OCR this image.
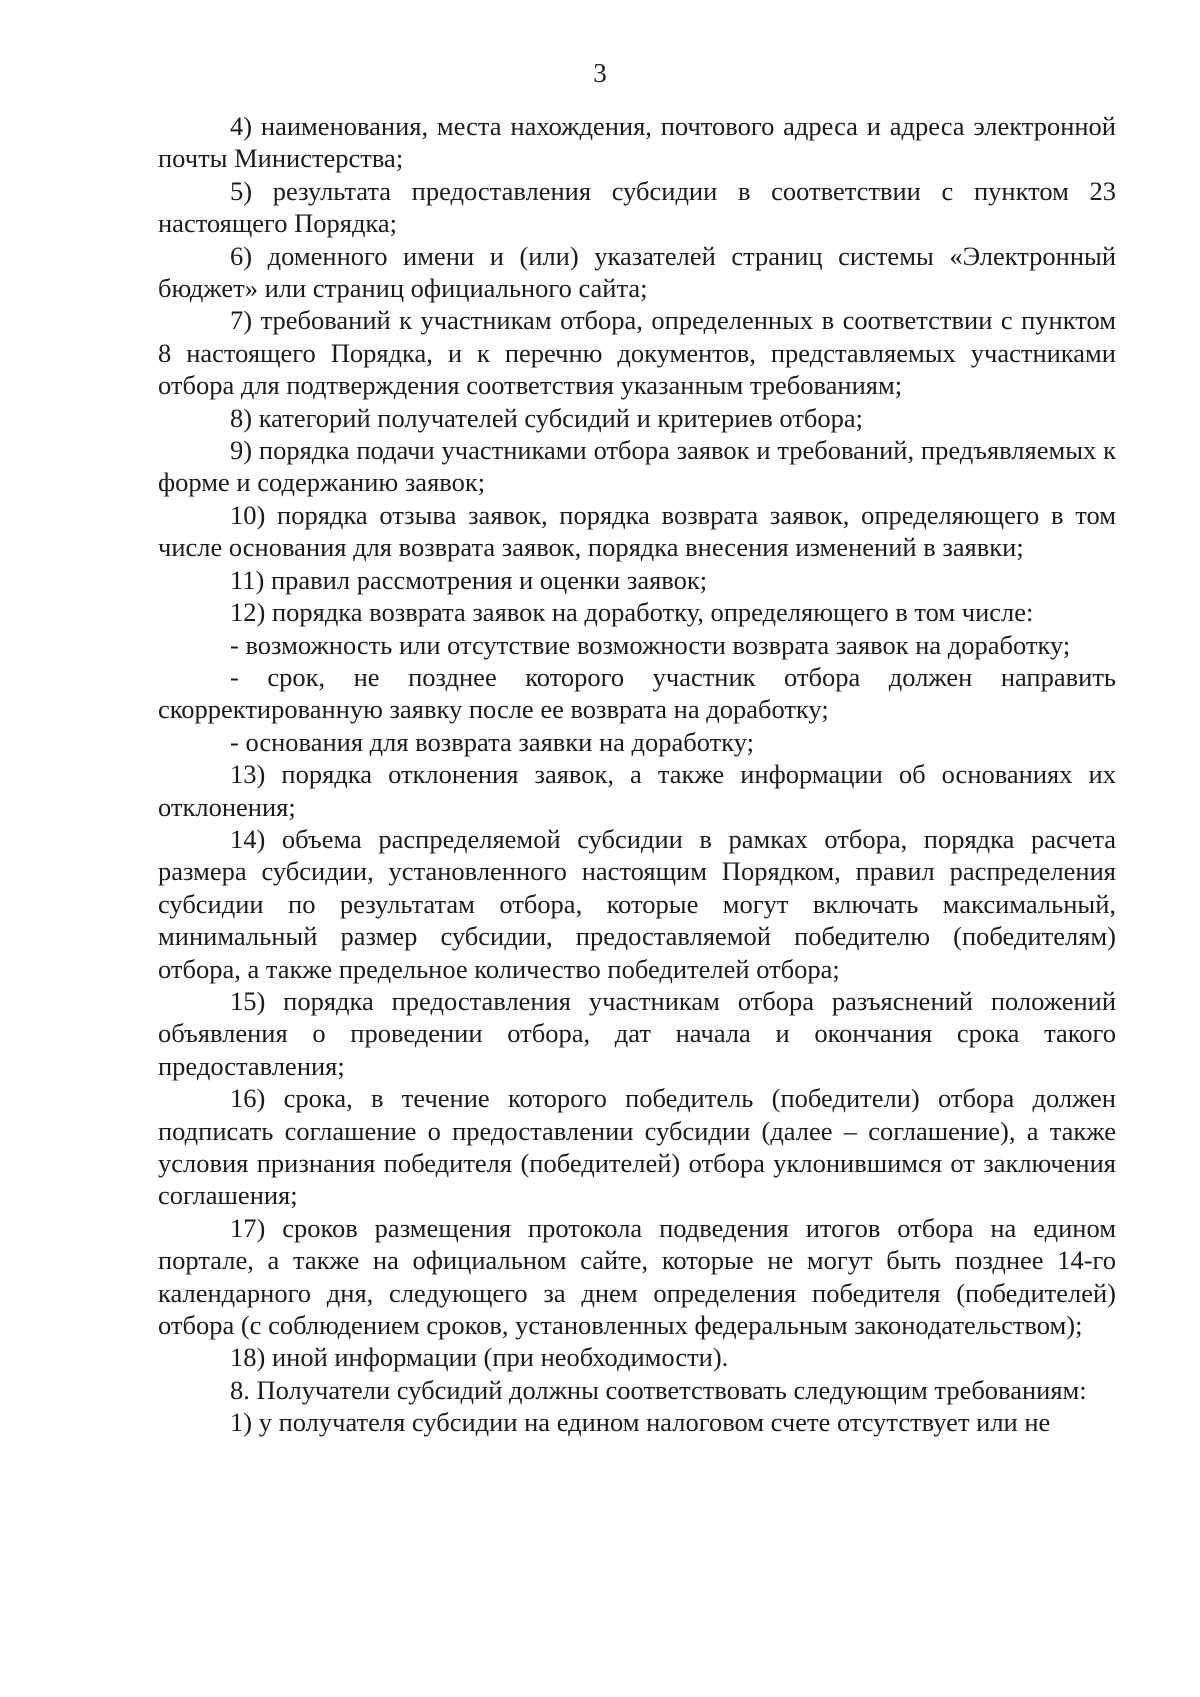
3

4) наименования, места нахождения, почтового адреса и адреса электронной почты Министерства;

5) результата предоставления субсидии в соответствии с пунктом 23 настоящего Порядка;

6) доменного имени и (или) указателей страниц системы «Электронный бюджет» или страниц официального сайта;

7) требований к участникам отбора, определенных в соответствии с пунктом 8 настоящего Порядка, и к перечню документов, представляемых участниками отбора для подтверждения соответствия указанным требованиям;

8) категорий получателей субсидий и критериев отбора;

9) порядка подачи участниками отбора заявок и требований, предъявляемых к форме и содержанию заявок;

10) порядка отзыва заявок, порядка возврата заявок, определяющего в том числе основания для возврата заявок, порядка внесения изменений в заявки;

11) правил рассмотрения и оценки заявок;

12) порядка возврата заявок на доработку, определяющего в том числе:

- возможность или отсутствие возможности возврата заявок на доработку;

- срок, не позднее которого участник отбора должен направить скорректированную заявку после ее возврата на доработку;

- основания для возврата заявки на доработку;

13) порядка отклонения заявок, а также информации об основаниях их отклонения;

14) объема распределяемой субсидии в рамках отбора, порядка расчета размера субсидии, установленного настоящим Порядком, правил распределения субсидии по результатам отбора, которые могут включать максимальный, минимальный размер субсидии, предоставляемой победителю (победителям) отбора, а также предельное количество победителей отбора;

15) порядка предоставления участникам отбора разъяснений положений объявления о проведении отбора, дат начала и окончания срока такого предоставления;

16) срока, в течение которого победитель (победители) отбора должен подписать соглашение о предоставлении субсидии (далее – соглашение), а также условия признания победителя (победителей) отбора уклонившимся от заключения соглашения;

17) сроков размещения протокола подведения итогов отбора на едином портале, а также на официальном сайте, которые не могут быть позднее 14-го календарного дня, следующего за днем определения победителя (победителей) отбора (с соблюдением сроков, установленных федеральным законодательством);

18) иной информации (при необходимости).

8. Получатели субсидий должны соответствовать следующим требованиям:

1) у получателя субсидии на едином налоговом счете отсутствует или не
